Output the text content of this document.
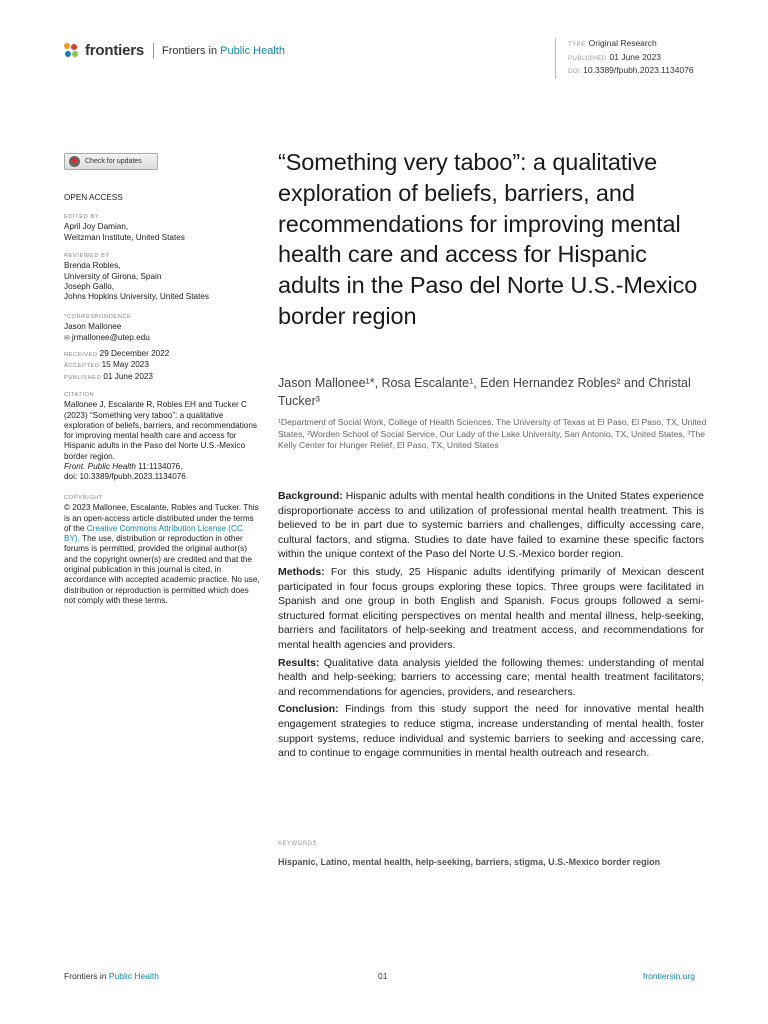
frontiers Frontiers in Public Health	TYPE Original Research
PUBLISHED 01 June 2023
DOI 10.3389/fpubh.2023.1134076
Check for updates
OPEN ACCESS
EDITED BY
April Joy Damian,
Weitzman Institute, United States
REVIEWED BY
Brenda Robles,
University of Girona, Spain
Joseph Gallo,
Johns Hopkins University, United States
*CORRESPONDENCE
Jason Mallonee
✉ jrmallonee@utep.edu
RECEIVED 29 December 2022
ACCEPTED 15 May 2023
PUBLISHED 01 June 2023
CITATION
Mallonee J, Escalante R, Robles EH and Tucker C (2023) “Something very taboo”: a qualitative exploration of beliefs, barriers, and recommendations for improving mental health care and access for Hispanic adults in the Paso del Norte U.S.-Mexico border region.
Front. Public Health 11:1134076.
doi: 10.3389/fpubh.2023.1134076
COPYRIGHT
© 2023 Mallonee, Escalante, Robles and Tucker. This is an open-access article distributed under the terms of the Creative Commons Attribution License (CC BY). The use, distribution or reproduction in other forums is permitted, provided the original author(s) and the copyright owner(s) are credited and that the original publication in this journal is cited, in accordance with accepted academic practice. No use, distribution or reproduction is permitted which does not comply with these terms.
“Something very taboo”: a qualitative exploration of beliefs, barriers, and recommendations for improving mental health care and access for Hispanic adults in the Paso del Norte U.S.-Mexico border region
Jason Mallonee¹*, Rosa Escalante¹, Eden Hernandez Robles² and Christal Tucker³
¹Department of Social Work, College of Health Sciences, The University of Texas at El Paso, El Paso, TX, United States, ²Worden School of Social Service, Our Lady of the Lake University, San Antonio, TX, United States, ³The Kelly Center for Hunger Relief, El Paso, TX, United States

Background: Hispanic adults with mental health conditions in the United States experience disproportionate access to and utilization of professional mental health treatment. This is believed to be in part due to systemic barriers and challenges, difficulty accessing care, cultural factors, and stigma. Studies to date have failed to examine these specific factors within the unique context of the Paso del Norte U.S.-Mexico border region.

Methods: For this study, 25 Hispanic adults identifying primarily of Mexican descent participated in four focus groups exploring these topics. Three groups were facilitated in Spanish and one group in both English and Spanish. Focus groups followed a semi-structured format eliciting perspectives on mental health and mental illness, help-seeking, barriers and facilitators of help-seeking and treatment access, and recommendations for mental health agencies and providers.

Results: Qualitative data analysis yielded the following themes: understanding of mental health and help-seeking; barriers to accessing care; mental health treatment facilitators; and recommendations for agencies, providers, and researchers.

Conclusion: Findings from this study support the need for innovative mental health engagement strategies to reduce stigma, increase understanding of mental health, foster support systems, reduce individual and systemic barriers to seeking and accessing care, and to continue to engage communities in mental health outreach and research.

KEYWORDS
Hispanic, Latino, mental health, help-seeking, barriers, stigma, U.S.-Mexico border region
Frontiers in Public Health	01	frontiersin.org
